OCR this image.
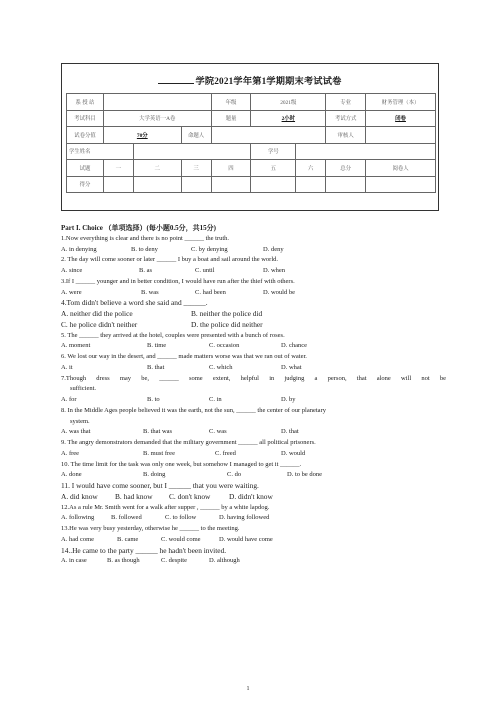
学院2021学年第1学期期末考试试卷
系 授 站				年级	2021级		专业	财务管理（本）
考试科目	大学英语一A卷			题量	2小时		考试方式	闭卷
试卷分值	70分		命题人				审核人	
学生姓名					学号			
试题	一	二	三	四	五	六	总分	阅卷人
得分								
Part I. Choice （单项选择）(每小题0.5分，共15分)
1.Now everything is clear and there is no point ______ the truth.
A. in denying	B. to deny	C. by denying	D. deny
2. The day will come sooner or later ______ I buy a boat and sail around the world.
A. since	B. as	C. until	D. when
3.If I ______ younger and in better condition, I would have run after the thief with others.
A. were	B. was	C. had been	D. would be
4.Tom didn't believe a word she said and ______.
A. neither did the police	B. neither the police did
C. he police didn't neither	D. the police did neither
5. The ______ they arrived at the hotel, couples were presented with a bunch of roses.
A. moment	B. time	C. occasion	D. chance
6. We lost our way in the desert, and ______ made matters worse was that we ran out of water.
A. it	B. that	C. which	D. what
7.Though dress may be, ______ some extent, helpful in judging a person, that alone will not be
sufficient.
A. for	B. to	C. in	D. by
8. In the Middle Ages people believed it was the earth, not the sun, ______ the center of our planetary
system.
A. was that	B. that was	C. was	D. that
9. The angry demonstrators demanded that the military government ______ all political prisoners.
A. free	B. must free	C. freed	D. would
10. The time limit for the task was only one week, but somehow I managed to get it ______.
A. done	B. doing	C. do	D. to be done
11. I would have come sooner, but I ______ that you were waiting.
A. did know	B. had know	C. don't know	D. didn't know
12.As a rule Mr. Smith went for a walk after supper , ______ by a white lapdog.
A. following	B. followed	C. to follow	D. having followed
13.He was very busy yesterday, otherwise he ______ to the meeting.
A. had come	B. came	C. would come	D. would have come
14..He came to the party ______ he hadn't been invited.
A. in case	B. as though	C. despite	D. although
1
